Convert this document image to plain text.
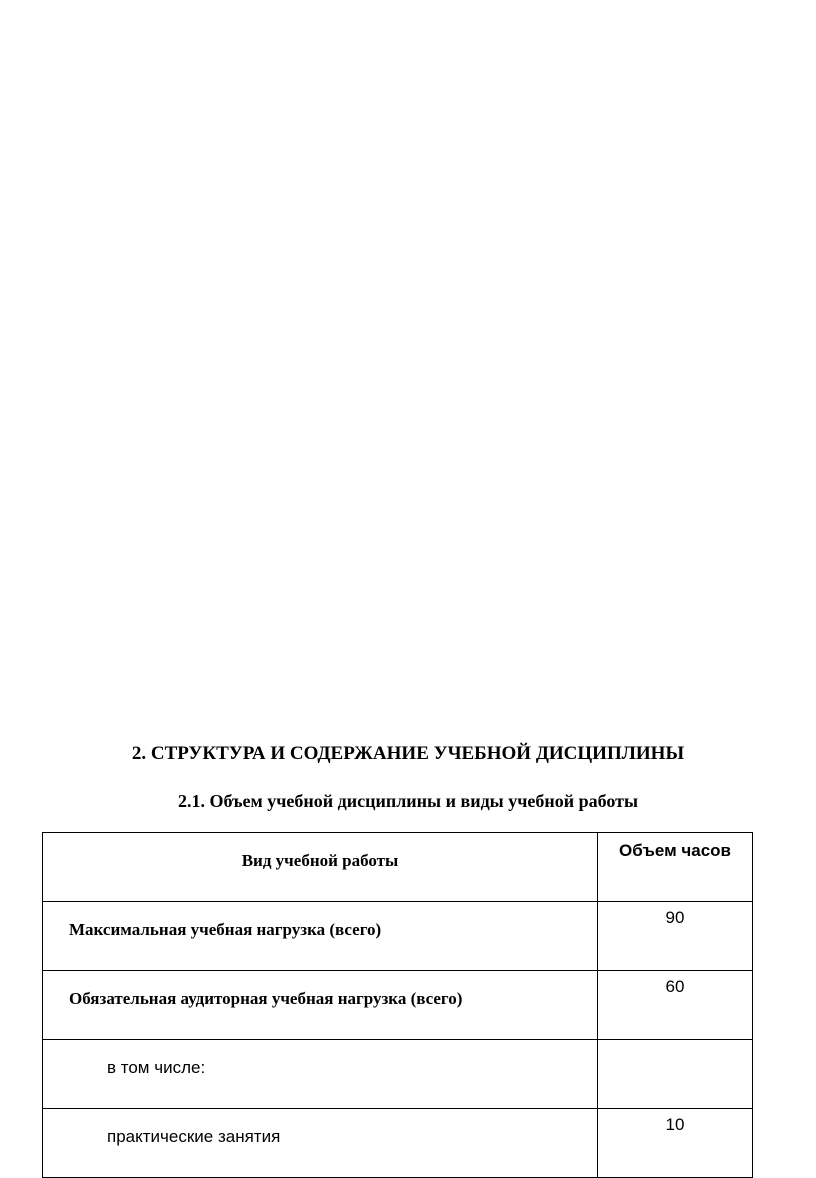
2. СТРУКТУРА И СОДЕРЖАНИЕ УЧЕБНОЙ ДИСЦИПЛИНЫ
2.1. Объем учебной дисциплины и виды учебной работы
Вид учебной работы	Объем часов
Максимальная учебная нагрузка (всего)	90
Обязательная аудиторная учебная нагрузка (всего)	60
в том числе:	
практические занятия	10
